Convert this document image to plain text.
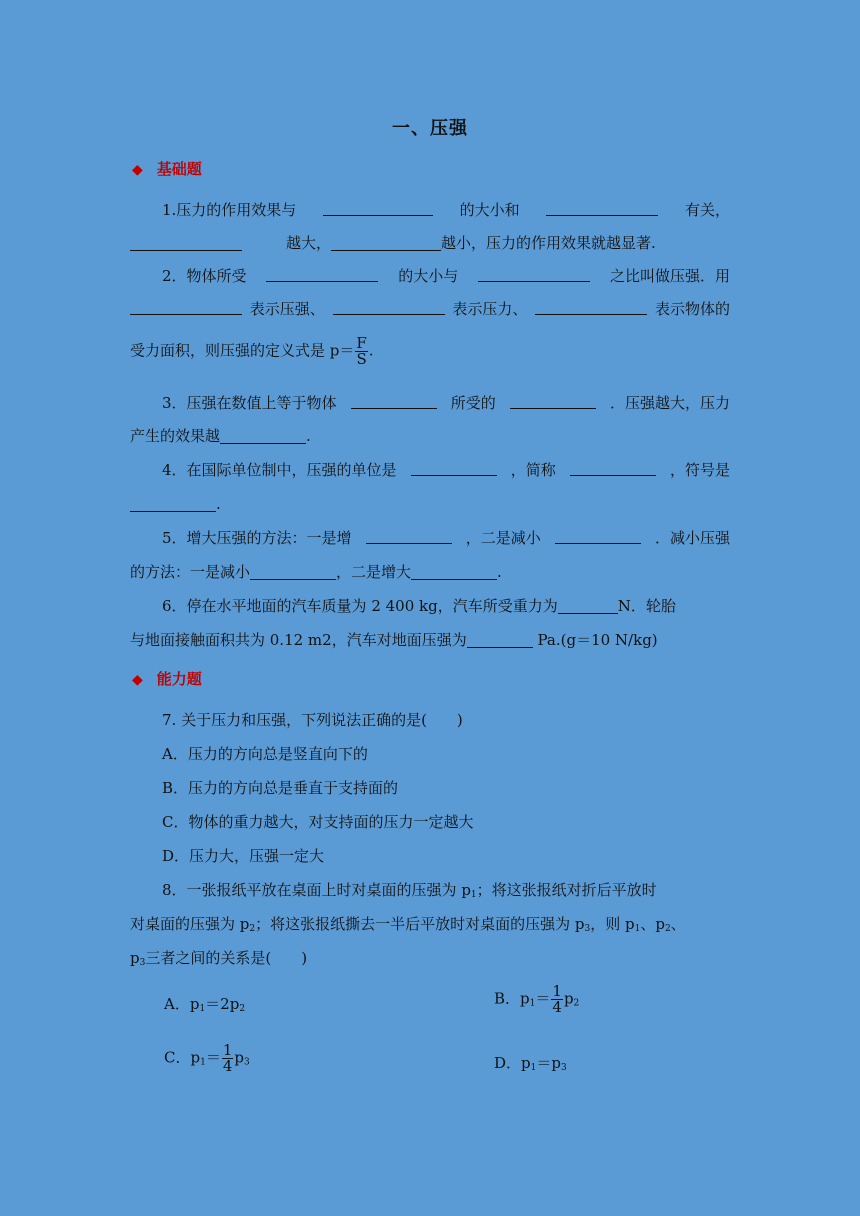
一、压强
◆ 基础题
1.压力的作用效果与	的大小和	有关，
越大，	越小，压力的作用效果就越显著.
2．物体所受	的大小与	之比叫做压强．用
表示压强、	表示压力、	表示物体的
受力面积，则压强的定义式是 $p= \frac{F}{S}$ .
3．压强在数值上等于物体	所受的	．压强越大，压力
产生的效果越	.
4．在国际单位制中，压强的单位是	，简称	，符号是
.
5．增大压强的方法：一是增	，二是减小	．减小压强
的方法：一是减小	，二是增大	.
6．停在水平地面的汽车质量为 2 400 kg，汽车所受重力为	N．轮胎
与地面接触面积共为 0.12 m2，汽车对地面压强为	Pa.(g＝10 N/kg)
◆ 能力题
7. 关于压力和压强，下列说法正确的是(　　)
A．压力的方向总是竖直向下的
B．压力的方向总是垂直于支持面的
C．物体的重力越大，对支持面的压力一定越大
D．压力大，压强一定大
8．一张报纸平放在桌面上时对桌面的压强为 $p_1$；将这张报纸对折后平放时
对桌面的压强为 $p_2$；将这张报纸撕去一半后平放时对桌面的压强为 $p_3$，则 $p_1$、$p_2$、
$p_3$三者之间的关系是(　　)
A．$p_1=2p_2$
B．$p_1= \frac{1}{4} p_2$
C．$p_1= \frac{1}{4} p_3$	D．$p_1=p_3$
